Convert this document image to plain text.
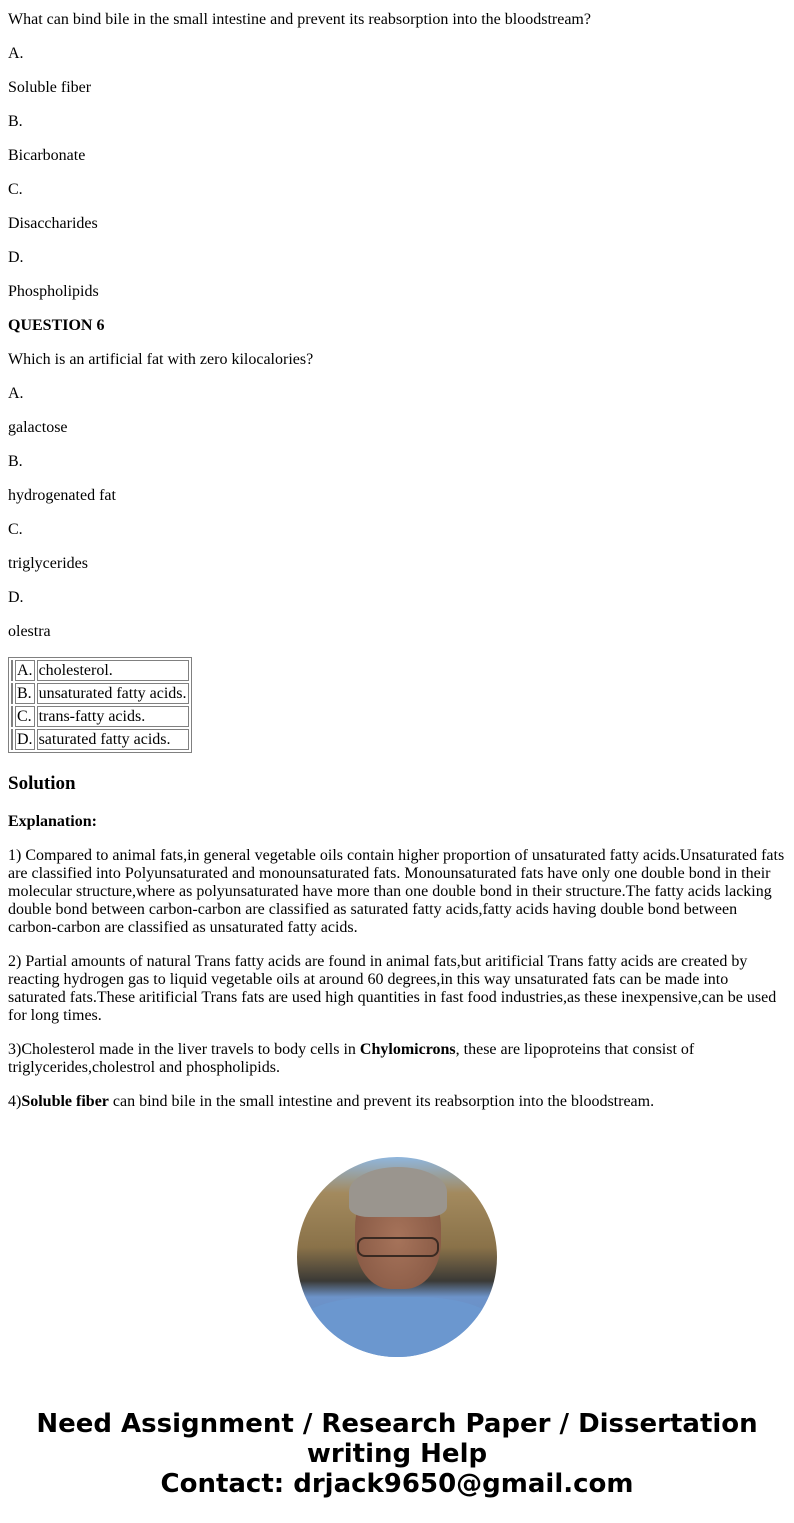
What can bind bile in the small intestine and prevent its reabsorption into the bloodstream?

A.

Soluble fiber

B.

Bicarbonate

C.

Disaccharides

D.

Phospholipids

QUESTION 6

Which is an artificial fat with zero kilocalories?

A.

galactose

B.

hydrogenated fat

C.

triglycerides

D.

olestra

	A.	cholesterol.
	B.	unsaturated fatty acids.
	C.	trans-fatty acids.
	D.	saturated fatty acids.
Solution

Explanation:

1) Compared to animal fats,in general vegetable oils contain higher proportion of unsaturated fatty acids.Unsaturated fats are classified into Polyunsaturated and monounsaturated fats. Monounsaturated fats have only one double bond in their molecular structure,where as polyunsaturated have more than one double bond in their structure.The fatty acids lacking double bond between carbon-carbon are classified as saturated fatty acids,fatty acids having double bond between carbon-carbon are classified as unsaturated fatty acids.

2) Partial amounts of natural Trans fatty acids are found in animal fats,but aritificial Trans fatty acids are created by reacting hydrogen gas to liquid vegetable oils at around 60 degrees,in this way unsaturated fats can be made into saturated fats.These aritificial Trans fats are used high quantities in fast food industries,as these inexpensive,can be used for long times.

3)Cholesterol made in the liver travels to body cells in Chylomicrons, these are lipoproteins that consist of triglycerides,cholestrol and phospholipids.

4)Soluble fiber can bind bile in the small intestine and prevent its reabsorption into the bloodstream.

Need Assignment / Research Paper / Dissertation writing Help
Contact: drjack9650@gmail.com
